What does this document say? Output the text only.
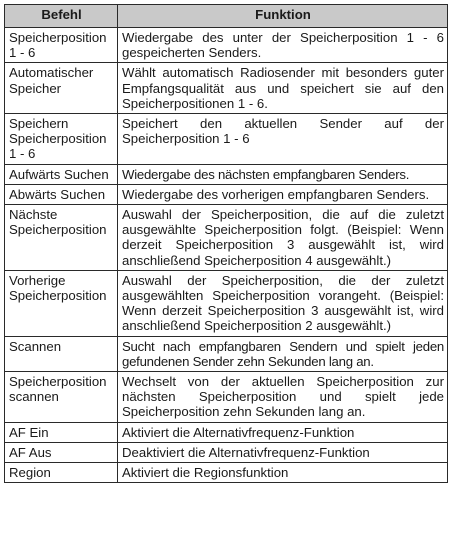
Befehl	Funktion
Speicherposition 1 - 6	Wiedergabe des unter der Speicherposition 1 - 6 gespeicherten Senders.
Automatischer Speicher	Wählt automatisch Radiosender mit besonders guter Empfangsqualität aus und speichert sie auf den Speicherpositionen 1 - 6.
Speichern Speicherposition 1 - 6	Speichert den aktuellen Sender auf der Speicherposition 1 - 6
Aufwärts Suchen	Wiedergabe des nächsten empfangbaren Senders.
Abwärts Suchen	Wiedergabe des vorherigen empfangbaren Senders.
Nächste Speicherposition	Auswahl der Speicherposition, die auf die zuletzt ausgewählte Speicherposition folgt. (Beispiel: Wenn derzeit Speicherposition 3 ausgewählt ist, wird anschließend Speicherposition 4 ausgewählt.)
Vorherige Speicherposition	Auswahl der Speicherposition, die der zuletzt ausgewählten Speicherposition vorangeht. (Beispiel: Wenn derzeit Speicherposition 3 ausgewählt ist, wird anschließend Speicherposition 2 ausgewählt.)
Scannen	Sucht nach empfangbaren Sendern und spielt jeden gefundenen Sender zehn Sekunden lang an.
Speicherposition scannen	Wechselt von der aktuellen Speicherposition zur nächsten Speicherposition und spielt jede Speicherposition zehn Sekunden lang an.
AF Ein	Aktiviert die Alternativfrequenz-Funktion
AF Aus	Deaktiviert die Alternativfrequenz-Funktion
Region	Aktiviert die Regionsfunktion
